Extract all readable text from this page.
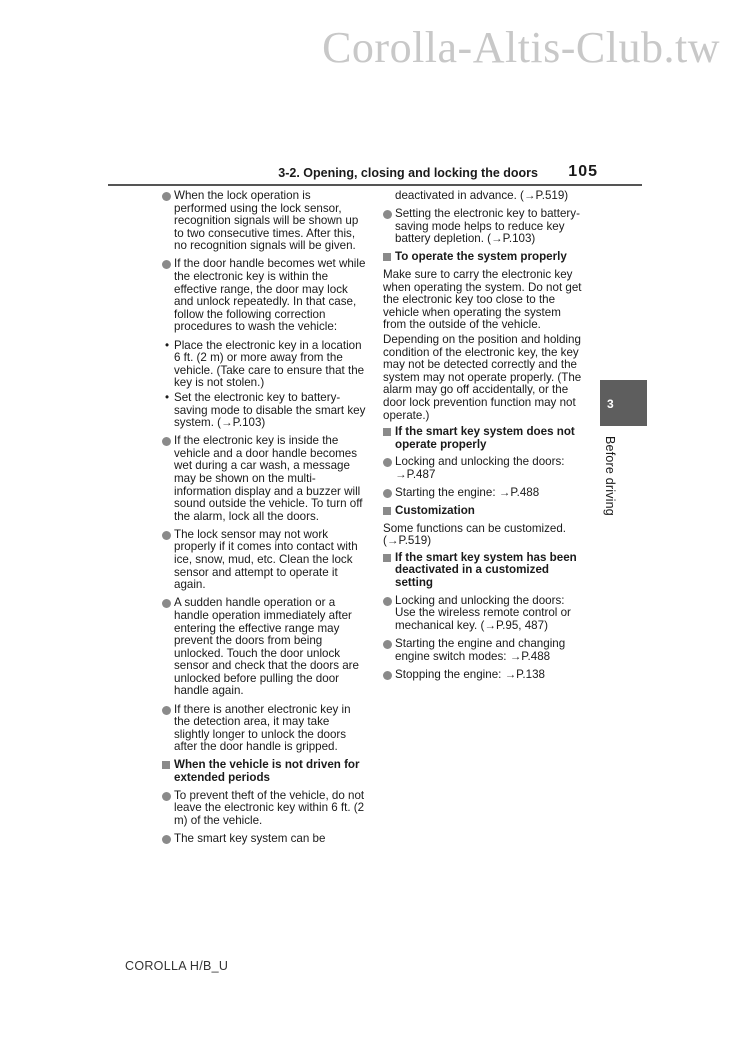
Corolla-Altis-Club.tw
3-2. Opening, closing and locking the doors 105
3
Before driving
When the lock operation is performed using the lock sensor, recognition signals will be shown up to two consecutive times. After this, no recognition signals will be given.
If the door handle becomes wet while the electronic key is within the effective range, the door may lock and unlock repeatedly. In that case, follow the following correction procedures to wash the vehicle:
• Place the electronic key in a location 6 ft. (2 m) or more away from the vehicle. (Take care to ensure that the key is not stolen.)
• Set the electronic key to battery-saving mode to disable the smart key system. (→P.103)
If the electronic key is inside the vehicle and a door handle becomes wet during a car wash, a message may be shown on the multi-information display and a buzzer will sound outside the vehicle. To turn off the alarm, lock all the doors.
The lock sensor may not work properly if it comes into contact with ice, snow, mud, etc. Clean the lock sensor and attempt to operate it again.
A sudden handle operation or a handle operation immediately after entering the effective range may prevent the doors from being unlocked. Touch the door unlock sensor and check that the doors are unlocked before pulling the door handle again.
If there is another electronic key in the detection area, it may take slightly longer to unlock the doors after the door handle is gripped.
When the vehicle is not driven for extended periods
To prevent theft of the vehicle, do not leave the electronic key within 6 ft. (2 m) of the vehicle.
The smart key system can be
deactivated in advance. (→P.519)
Setting the electronic key to battery-saving mode helps to reduce key battery depletion. (→P.103)
To operate the system properly
Make sure to carry the electronic key when operating the system. Do not get the electronic key too close to the vehicle when operating the system from the outside of the vehicle.
Depending on the position and holding condition of the electronic key, the key may not be detected correctly and the system may not operate properly. (The alarm may go off accidentally, or the door lock prevention function may not operate.)
If the smart key system does not operate properly
Locking and unlocking the doors: →P.487
Starting the engine: →P.488
Customization
Some functions can be customized. (→P.519)
If the smart key system has been deactivated in a customized setting
Locking and unlocking the doors: Use the wireless remote control or mechanical key. (→P.95, 487)
Starting the engine and changing engine switch modes: →P.488
Stopping the engine: →P.138
COROLLA H/B_U
